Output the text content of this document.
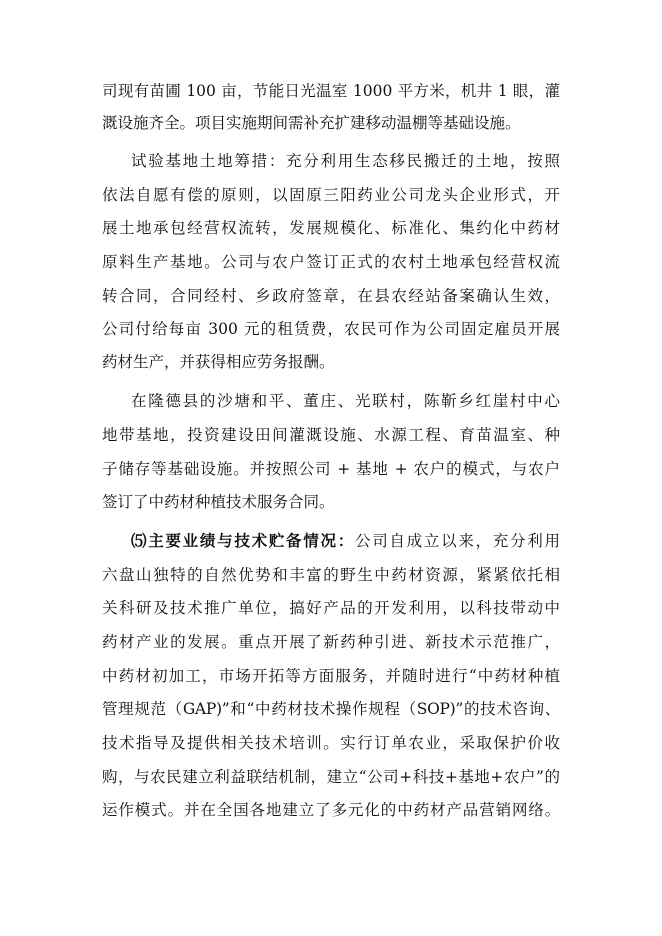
司现有苗圃 100 亩，节能日光温室 1000 平方米，机井 1 眼，灌
溉设施齐全。项目实施期间需补充扩建移动温棚等基础设施。
试验基地土地筹措：充分利用生态移民搬迁的土地，按照
依法自愿有偿的原则，以固原三阳药业公司龙头企业形式，开
展土地承包经营权流转，发展规模化、标准化、集约化中药材
原料生产基地。公司与农户签订正式的农村土地承包经营权流
转合同，合同经村、乡政府签章，在县农经站备案确认生效，
公司付给每亩 300 元的租赁费，农民可作为公司固定雇员开展
药材生产，并获得相应劳务报酬。
在隆德县的沙塘和平、董庄、光联村，陈靳乡红崖村中心
地带基地，投资建设田间灌溉设施、水源工程、育苗温室、种
子储存等基础设施。并按照公司 + 基地 + 农户的模式，与农户
签订了中药材种植技术服务合同。
⑸主要业绩与技术贮备情况：公司自成立以来，充分利用
六盘山独特的自然优势和丰富的野生中药材资源，紧紧依托相
关科研及技术推广单位，搞好产品的开发利用，以科技带动中
药材产业的发展。重点开展了新药种引进、新技术示范推广，
中药材初加工，市场开拓等方面服务，并随时进行“中药材种植
管理规范（GAP)”和“中药材技术操作规程（SOP)”的技术咨询、
技术指导及提供相关技术培训。实行订单农业，采取保护价收
购，与农民建立利益联结机制，建立“公司+科技+基地+农户”的
运作模式。并在全国各地建立了多元化的中药材产品营销网络。
